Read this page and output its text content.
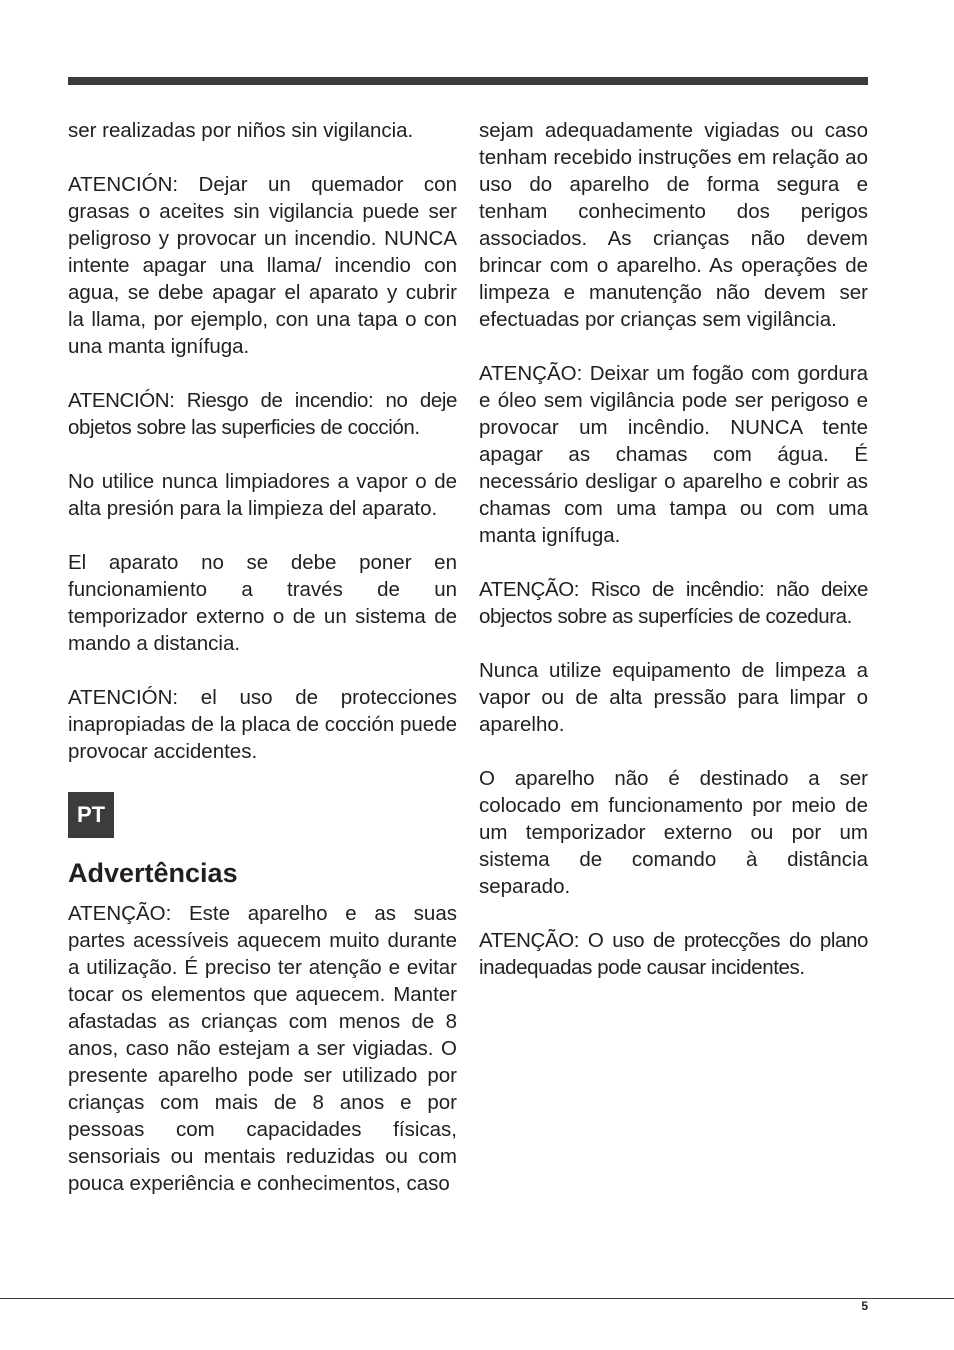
ser realizadas por niños sin vigilancia.

ATENCIÓN: Dejar un quemador con grasas o aceites sin vigilancia puede ser peligroso y provocar un incendio. NUNCA intente apagar una llama/ incendio con agua, se debe apagar el aparato y cubrir la llama, por ejemplo, con una tapa o con una manta ignífuga.

ATENCIÓN: Riesgo de incendio: no deje objetos sobre las superficies de cocción.

No utilice nunca limpiadores a vapor o de alta presión para la limpieza del aparato.

El aparato no se debe poner en funcionamiento a través de un temporizador externo o de un sistema de mando a distancia.

ATENCIÓN: el uso de protecciones inapropiadas de la placa de cocción puede provocar accidentes.

PT
Advertências

ATENÇÃO: Este aparelho e as suas partes acessíveis aquecem muito durante a utilização. É preciso ter atenção e evitar tocar os elementos que aquecem. Manter afastadas as crianças com menos de 8 anos, caso não estejam a ser vigiadas. O presente aparelho pode ser utilizado por crianças com mais de 8 anos e por pessoas com capacidades físicas, sensoriais ou mentais reduzidas ou com pouca experiência e conhecimentos, caso

sejam adequadamente vigiadas ou caso tenham recebido instruções em relação ao uso do aparelho de forma segura e tenham conhecimento dos perigos associados. As crianças não devem brincar com o aparelho. As operações de limpeza e manutenção não devem ser efectuadas por crianças sem vigilância.

ATENÇÃO: Deixar um fogão com gordura e óleo sem vigilância pode ser perigoso e provocar um incêndio. NUNCA tente apagar as chamas com água. É necessário desligar o aparelho e cobrir as chamas com uma tampa ou com uma manta ignífuga.

ATENÇÃO: Risco de incêndio: não deixe objectos sobre as superfícies de cozedura.

Nunca utilize equipamento de limpeza a vapor ou de alta pressão para limpar o aparelho.

O aparelho não é destinado a ser colocado em funcionamento por meio de um temporizador externo ou por um sistema de comando à distância separado.

ATENÇÃO: O uso de protecções do plano inadequadas pode causar incidentes.

5
